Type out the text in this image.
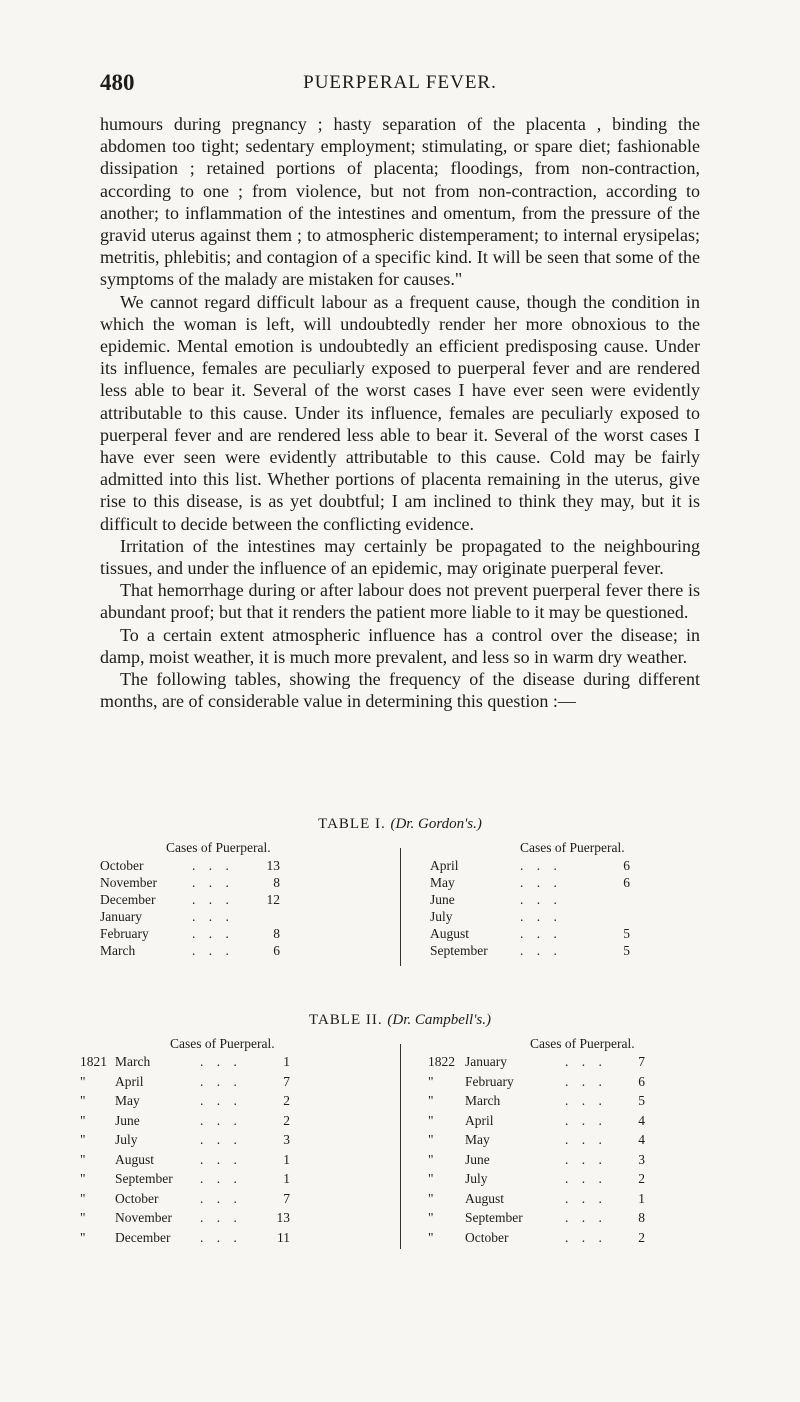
480	PUERPERAL FEVER.

humours during pregnancy ; hasty separation of the placenta , binding the abdomen too tight; sedentary employment; stimulating, or spare diet; fashionable dissipation ; retained portions of placenta; floodings, from non-contraction, according to one ; from violence, but not from non-contraction, according to another; to inflammation of the intestines and omentum, from the pressure of the gravid uterus against them ; to atmospheric distemperament; to internal erysipelas; metritis, phlebitis; and contagion of a specific kind. It will be seen that some of the symptoms of the malady are mistaken for causes."

We cannot regard difficult labour as a frequent cause, though the condition in which the woman is left, will undoubtedly render her more obnoxious to the epidemic. Mental emotion is undoubtedly an efficient predisposing cause. Under its influence, females are peculiarly exposed to puerperal fever and are rendered less able to bear it. Several of the worst cases I have ever seen were evidently attributable to this cause. Under its influence, females are peculiarly exposed to puerperal fever and are rendered less able to bear it. Several of the worst cases I have ever seen were evidently attributable to this cause. Cold may be fairly admitted into this list. Whether portions of placenta remaining in the uterus, give rise to this disease, is as yet doubtful; I am inclined to think they may, but it is difficult to decide between the conflicting evidence.

Irritation of the intestines may certainly be propagated to the neighbouring tissues, and under the influence of an epidemic, may originate puerperal fever.

That hemorrhage during or after labour does not prevent puerperal fever there is abundant proof; but that it renders the patient more liable to it may be questioned.

To a certain extent atmospheric influence has a control over the disease; in damp, moist weather, it is much more prevalent, and less so in warm dry weather.

The following tables, showing the frequency of the disease during different months, are of considerable value in determining this question :—

TABLE I. (Dr. Gordon's.)
Cases of Puerperal.	Cases of Puerperal.
October	. . .	13
November	. . .	8
December	. . .	12
January	. . .
February	. . .	8
March	. . .	6
April	. . .	6
May	. . .	6
June	. . .
July	. . .
August	. . .	5
September . . .	5
TABLE II. (Dr. Campbell's.)
Cases of Puerperal.	Cases of Puerperal.
1821 March	. . .	1
" April	. . .	7
" May	. . .	2
" June	. . .	2
" July	. . .	3
" August	. . .	1
" September . . .	1
" October	. . .	7
" November . . .	13
" December . . .	11
1822 January	. . .	7
" February	. . .	6
" March	. . .	5
" April	. . .	4
" May	. . .	4
" June	. . .	3
" July	. . .	2
" August	. . .	1
" September	. . .	8
" October	. . .	2
